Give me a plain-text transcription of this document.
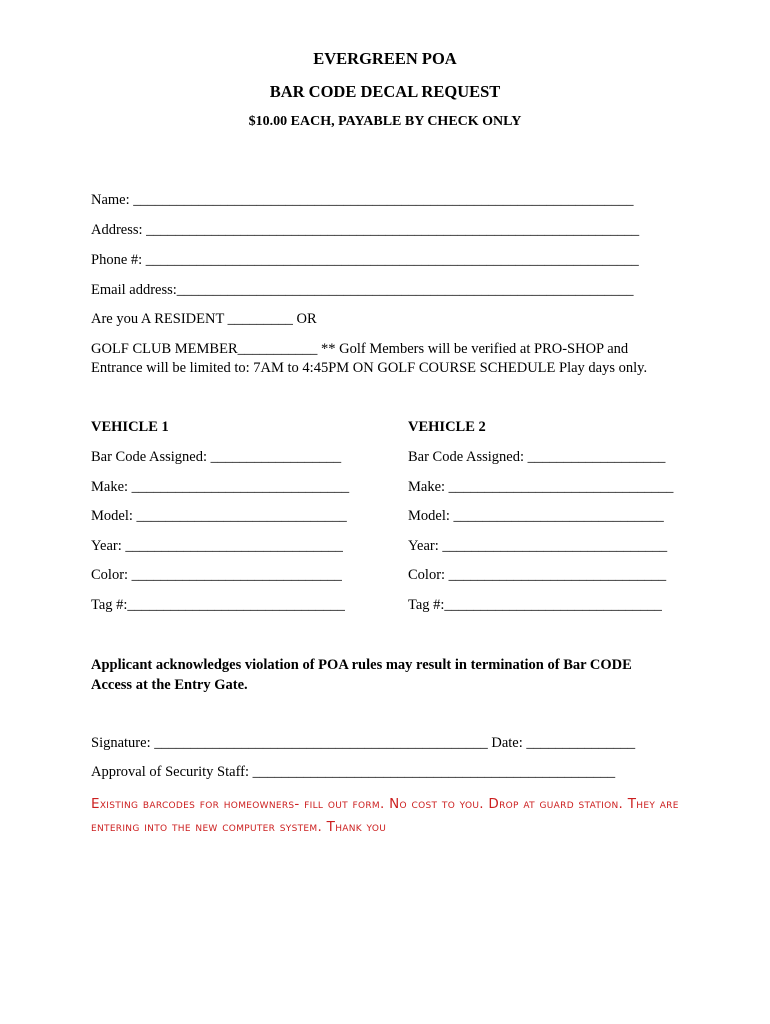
EVERGREEN POA
BAR CODE DECAL REQUEST
$10.00 EACH, PAYABLE BY CHECK ONLY
Name: _____________________________________________________________________
Address: ____________________________________________________________________
Phone #: ____________________________________________________________________
Email address:_______________________________________________________________
Are you A RESIDENT _________ OR
GOLF CLUB MEMBER___________ ** Golf Members will be verified at PRO-SHOP and
Entrance will be limited to: 7AM to 4:45PM ON GOLF COURSE SCHEDULE Play days only.
VEHICLE 1
Bar Code Assigned: __________________
Make: ______________________________
Model: _____________________________
Year: ______________________________
Color: _____________________________
Tag #:______________________________
VEHICLE 2
Bar Code Assigned: ___________________
Make: _______________________________
Model: _____________________________
Year: _______________________________
Color: ______________________________
Tag #:______________________________
Applicant acknowledges violation of POA rules may result in termination of Bar CODE Access at the Entry Gate.
Signature: ______________________________________________ Date: _______________
Approval of Security Staff: __________________________________________________
Existing barcodes for homeowners- fill out form. No cost to you. Drop at guard station. They are entering into the new computer system. Thank you
